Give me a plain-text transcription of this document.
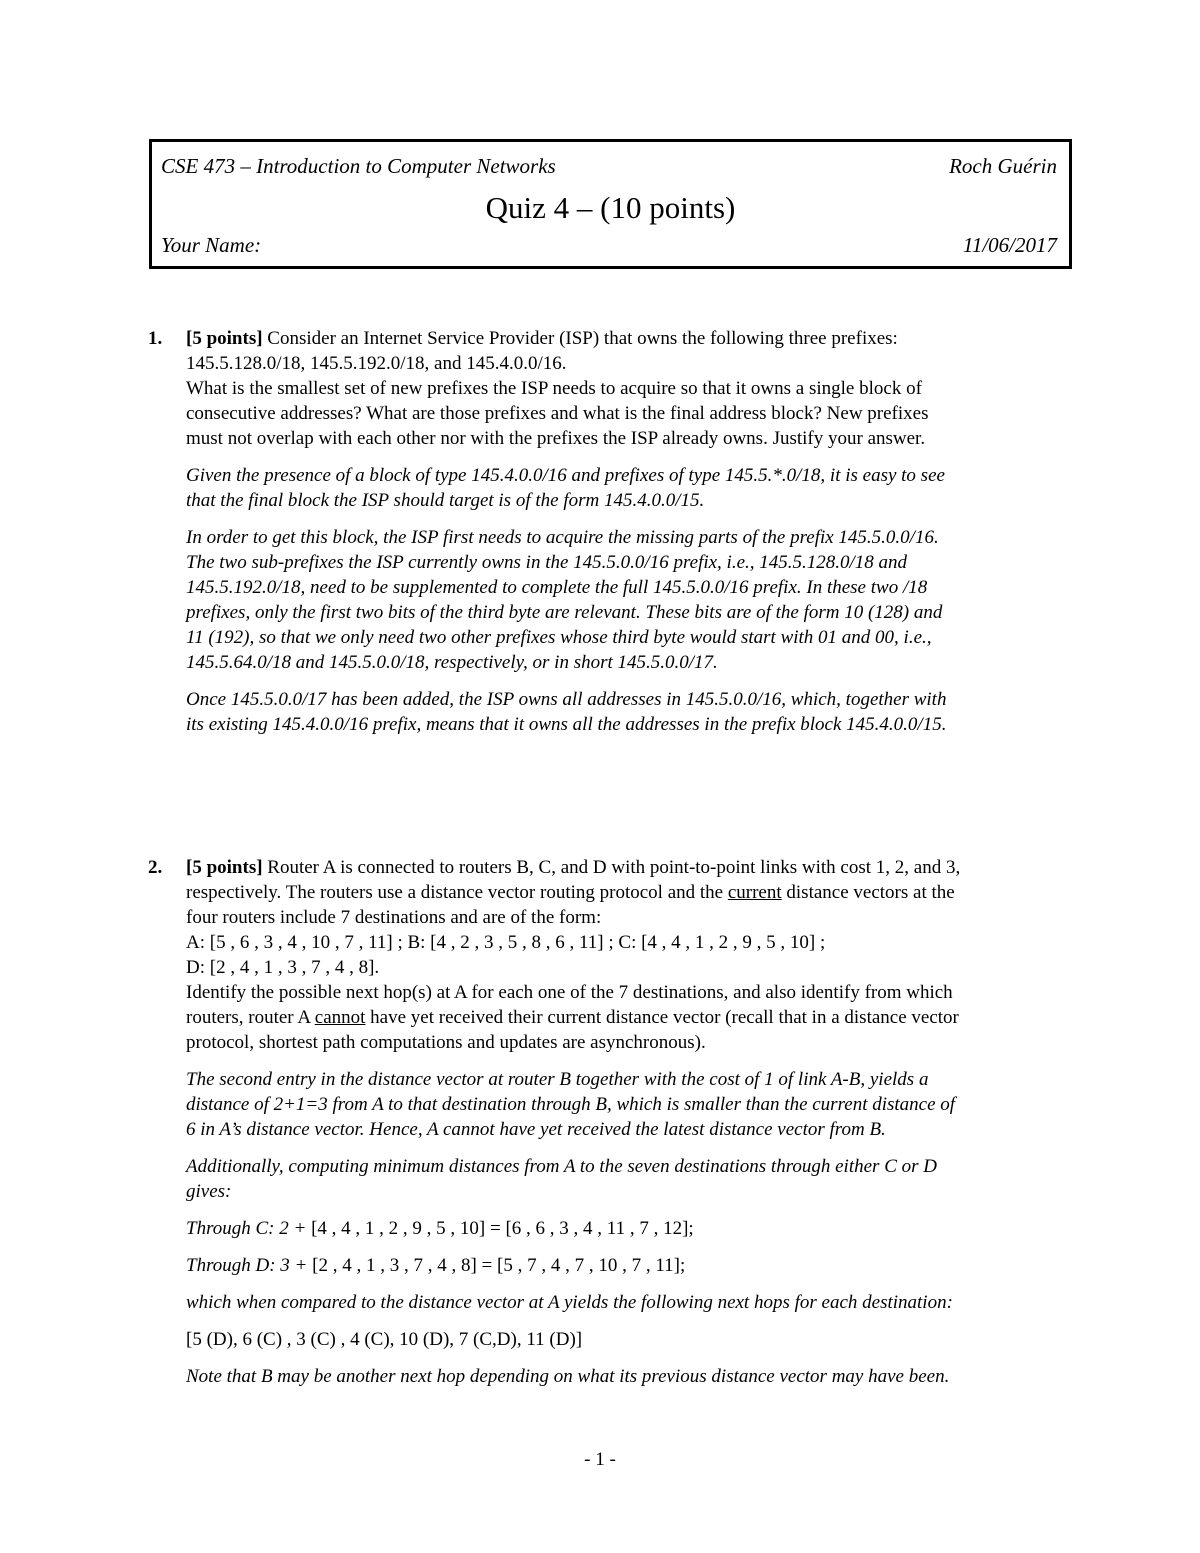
CSE 473 – Introduction to Computer Networks	Roch Guérin
Quiz 4 – (10 points)
Your Name:	11/06/2017
1. [5 points] Consider an Internet Service Provider (ISP) that owns the following three prefixes:

145.5.128.0/18, 145.5.192.0/18, and 145.4.0.0/16.

What is the smallest set of new prefixes the ISP needs to acquire so that it owns a single block of

consecutive addresses? What are those prefixes and what is the final address block? New prefixes

must not overlap with each other nor with the prefixes the ISP already owns. Justify your answer.

Given the presence of a block of type 145.4.0.0/16 and prefixes of type 145.5.*.0/18, it is easy to see

that the final block the ISP should target is of the form 145.4.0.0/15.

In order to get this block, the ISP first needs to acquire the missing parts of the prefix 145.5.0.0/16.

The two sub-prefixes the ISP currently owns in the 145.5.0.0/16 prefix, i.e., 145.5.128.0/18 and

145.5.192.0/18, need to be supplemented to complete the full 145.5.0.0/16 prefix. In these two /18

prefixes, only the first two bits of the third byte are relevant. These bits are of the form 10 (128) and

11 (192), so that we only need two other prefixes whose third byte would start with 01 and 00, i.e.,

145.5.64.0/18 and 145.5.0.0/18, respectively, or in short 145.5.0.0/17.

Once 145.5.0.0/17 has been added, the ISP owns all addresses in 145.5.0.0/16, which, together with

its existing 145.4.0.0/16 prefix, means that it owns all the addresses in the prefix block 145.4.0.0/15.

2. [5 points] Router A is connected to routers B, C, and D with point-to-point links with cost 1, 2, and 3,

respectively. The routers use a distance vector routing protocol and the current distance vectors at the

four routers include 7 destinations and are of the form:

A: [5 , 6 , 3 , 4 , 10 , 7 , 11] ; B: [4 , 2 , 3 , 5 , 8 , 6 , 11] ; C: [4 , 4 , 1 , 2 , 9 , 5 , 10] ;

D: [2 , 4 , 1 , 3 , 7 , 4 , 8].

Identify the possible next hop(s) at A for each one of the 7 destinations, and also identify from which

routers, router A cannot have yet received their current distance vector (recall that in a distance vector

protocol, shortest path computations and updates are asynchronous).

The second entry in the distance vector at router B together with the cost of 1 of link A-B, yields a

distance of 2+1=3 from A to that destination through B, which is smaller than the current distance of

6 in A’s distance vector. Hence, A cannot have yet received the latest distance vector from B.

Additionally, computing minimum distances from A to the seven destinations through either C or D

gives:

Through C: 2 + [4 , 4 , 1 , 2 , 9 , 5 , 10] = [6 , 6 , 3 , 4 , 11 , 7 , 12];

Through D: 3 + [2 , 4 , 1 , 3 , 7 , 4 , 8] = [5 , 7 , 4 , 7 , 10 , 7 , 11];

which when compared to the distance vector at A yields the following next hops for each destination:

[5 (D), 6 (C) , 3 (C) , 4 (C), 10 (D), 7 (C,D), 11 (D)]

Note that B may be another next hop depending on what its previous distance vector may have been.

- 1 -
